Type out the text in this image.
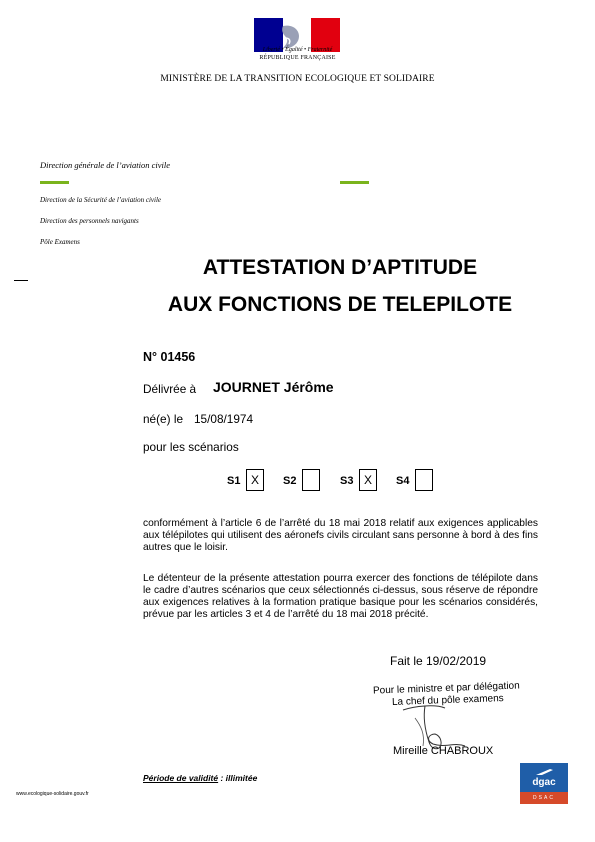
Liberté • Égalité • Fraternité
RÉPUBLIQUE FRANÇAISE
MINISTÈRE DE LA TRANSITION ECOLOGIQUE ET SOLIDAIRE
Direction générale de l’aviation civile
Direction de la Sécurité de l’aviation civile
Direction des personnels navigants
Pôle Examens
ATTESTATION D’APTITUDE
AUX FONCTIONS DE TELEPILOTE
N° 01456
Délivrée à JOURNET Jérôme
né(e) le 15/08/1974
pour les scénarios
S1 X	S2	S3 X	S4
conformément à l’article 6 de l’arrêté du 18 mai 2018 relatif aux exigences applicables aux télépilotes qui utilisent des aéronefs civils circulant sans personne à bord à des fins autres que le loisir.
Le détenteur de la présente attestation pourra exercer des fonctions de télépilote dans le cadre d’autres scénarios que ceux sélectionnés ci-dessus, sous réserve de répondre aux exigences relatives à la formation pratique basique pour les scénarios considérés, prévue par les articles 3 et 4 de l’arrêté du 18 mai 2018 précité.
Fait le 19/02/2019
Pour le ministre et par délégation
La chef du pôle examens
Mireille CHABROUX
Période de validité : illimitée
www.ecologique-solidaire.gouv.fr
dgac
DSAC
